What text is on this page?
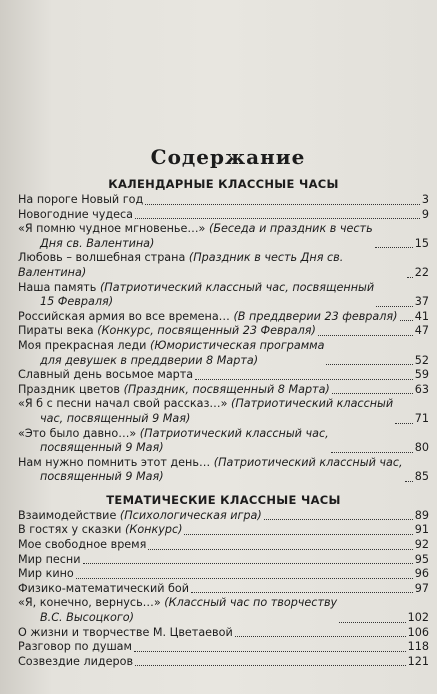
Содержание
КАЛЕНДАРНЫЕ КЛАССНЫЕ ЧАСЫ
На пороге Новый год	3
Новогодние чудеса	9
«Я помню чудное мгновенье…» (Беседа и праздник в честь
Дня св. Валентина)	15
Любовь – волшебная страна (Праздник в честь Дня св. Валентина)	22
Наша память (Патриотический классный час, посвященный
15 Февраля)	37
Российская армия во все времена… (В преддверии 23 февраля) 41
Пираты века (Конкурс, посвященный 23 Февраля)	47
Моя прекрасная леди (Юмористическая программа
для девушек в преддверии 8 Марта)	52
Славный день восьмое марта	59
Праздник цветов (Праздник, посвященный 8 Марта)	63
«Я б с песни начал свой рассказ…» (Патриотический классный
час, посвященный 9 Мая)	71
«Это было давно…» (Патриотический классный час,
посвященный 9 Мая)	80
Нам нужно помнить этот день… (Патриотический классный час,
посвященный 9 Мая)	85
ТЕМАТИЧЕСКИЕ КЛАССНЫЕ ЧАСЫ
Взаимодействие (Психологическая игра)	89
В гостях у сказки (Конкурс)	91
Мое свободное время	92
Мир песни	95
Мир кино	96
Физико-математический бой	97
«Я, конечно, вернусь…» (Классный час по творчеству
В.С. Высоцкого)	102
О жизни и творчестве М. Цветаевой	106
Разговор по душам	118
Созвездие лидеров	121
